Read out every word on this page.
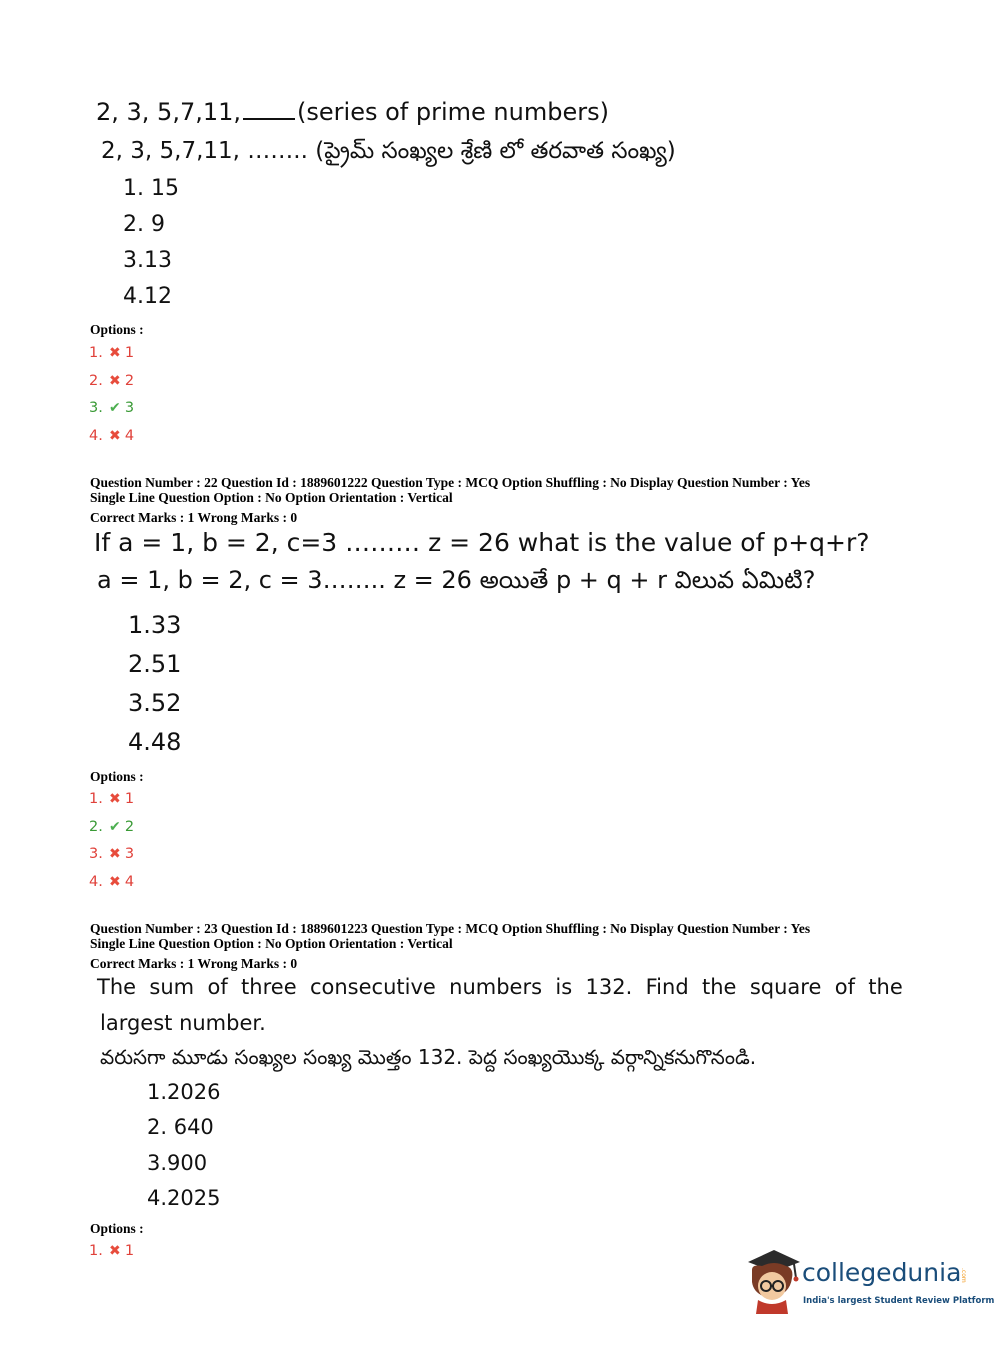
2, 3, 5,7,11, (series of prime numbers)
2, 3, 5,7,11, …….. (ప్రైమ్ సంఖ్యల శ్రేణి లో తరవాత సంఖ్య)
1. 15
2. 9
3.13
4.12
Options :
1. ✖ 1
2. ✖ 2
3. ✔ 3
4. ✖ 4
Question Number : 22 Question Id : 1889601222 Question Type : MCQ Option Shuffling : No Display Question Number : Yes
Single Line Question Option : No Option Orientation : Vertical
Correct Marks : 1 Wrong Marks : 0
If a = 1, b = 2, c=3 ……… z = 26 what is the value of p+q+r?
a = 1, b = 2, c = 3…….. z = 26 అయితే p + q + r విలువ ఏమిటి?
1.33
2.51
3.52
4.48
Options :
1. ✖ 1
2. ✔ 2
3. ✖ 3
4. ✖ 4
Question Number : 23 Question Id : 1889601223 Question Type : MCQ Option Shuffling : No Display Question Number : Yes
Single Line Question Option : No Option Orientation : Vertical
Correct Marks : 1 Wrong Marks : 0
The  sum  of  three  consecutive  numbers  is  132.  Find  the  square  of  the
largest number.
వరుసగా మూడు సంఖ్యల సంఖ్య మొత్తం 132. పెద్ద సంఖ్యయొక్క వర్గాన్నికనుగొనండి.
1.2026
2. 640
3.900
4.2025
Options :
1. ✖ 1
collegedunia
.com
India's largest Student Review Platform
